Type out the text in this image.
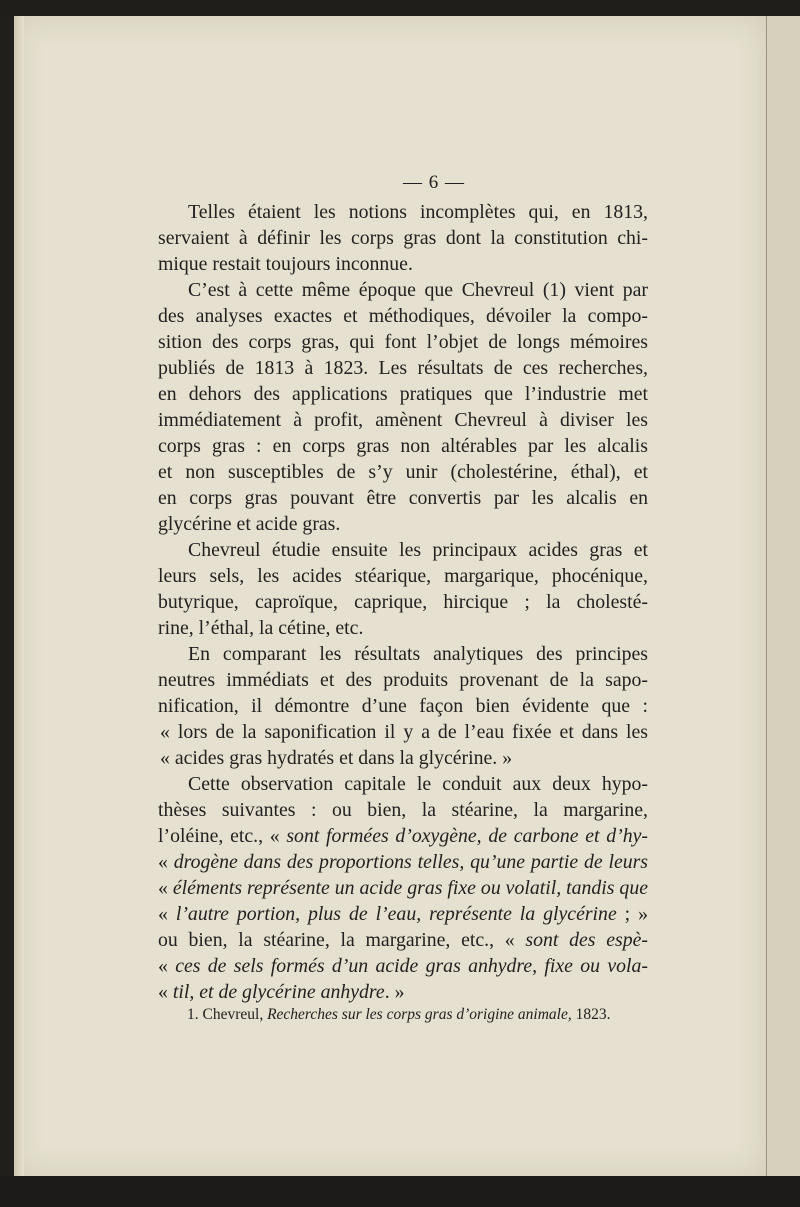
— 6 —
Telles étaient les notions incomplètes qui, en 1813,
servaient à définir les corps gras dont la constitution chi-
mique restait toujours inconnue.
C’est à cette même époque que Chevreul (1) vient par
des analyses exactes et méthodiques, dévoiler la compo-
sition des corps gras, qui font l’objet de longs mémoires
publiés de 1813 à 1823. Les résultats de ces recherches,
en dehors des applications pratiques que l’industrie met
immédiatement à profit, amènent Chevreul à diviser les
corps gras : en corps gras non altérables par les alcalis
et non susceptibles de s’y unir (cholestérine, éthal), et
en corps gras pouvant être convertis par les alcalis en
glycérine et acide gras.
Chevreul étudie ensuite les principaux acides gras et
leurs sels, les acides stéarique, margarique, phocénique,
butyrique, caproïque, caprique, hircique ; la cholesté-
rine, l’éthal, la cétine, etc.
En comparant les résultats analytiques des principes
neutres immédiats et des produits provenant de la sapo-
nification, il démontre d’une façon bien évidente que :
« lors de la saponification il y a de l’eau fixée et dans les
« acides gras hydratés et dans la glycérine. »
Cette observation capitale le conduit aux deux hypo-
thèses suivantes : ou bien, la stéarine, la margarine,
l’oléine, etc., « sont formées d’oxygène, de carbone et d’hy-
« drogène dans des proportions telles, qu’une partie de leurs
« éléments représente un acide gras fixe ou volatil, tandis que
« l’autre portion, plus de l’eau, représente la glycérine ; »
ou bien, la stéarine, la margarine, etc., « sont des espè-
« ces de sels formés d’un acide gras anhydre, fixe ou vola-
« til, et de glycérine anhydre. »
1. Chevreul, Recherches sur les corps gras d’origine animale, 1823.
